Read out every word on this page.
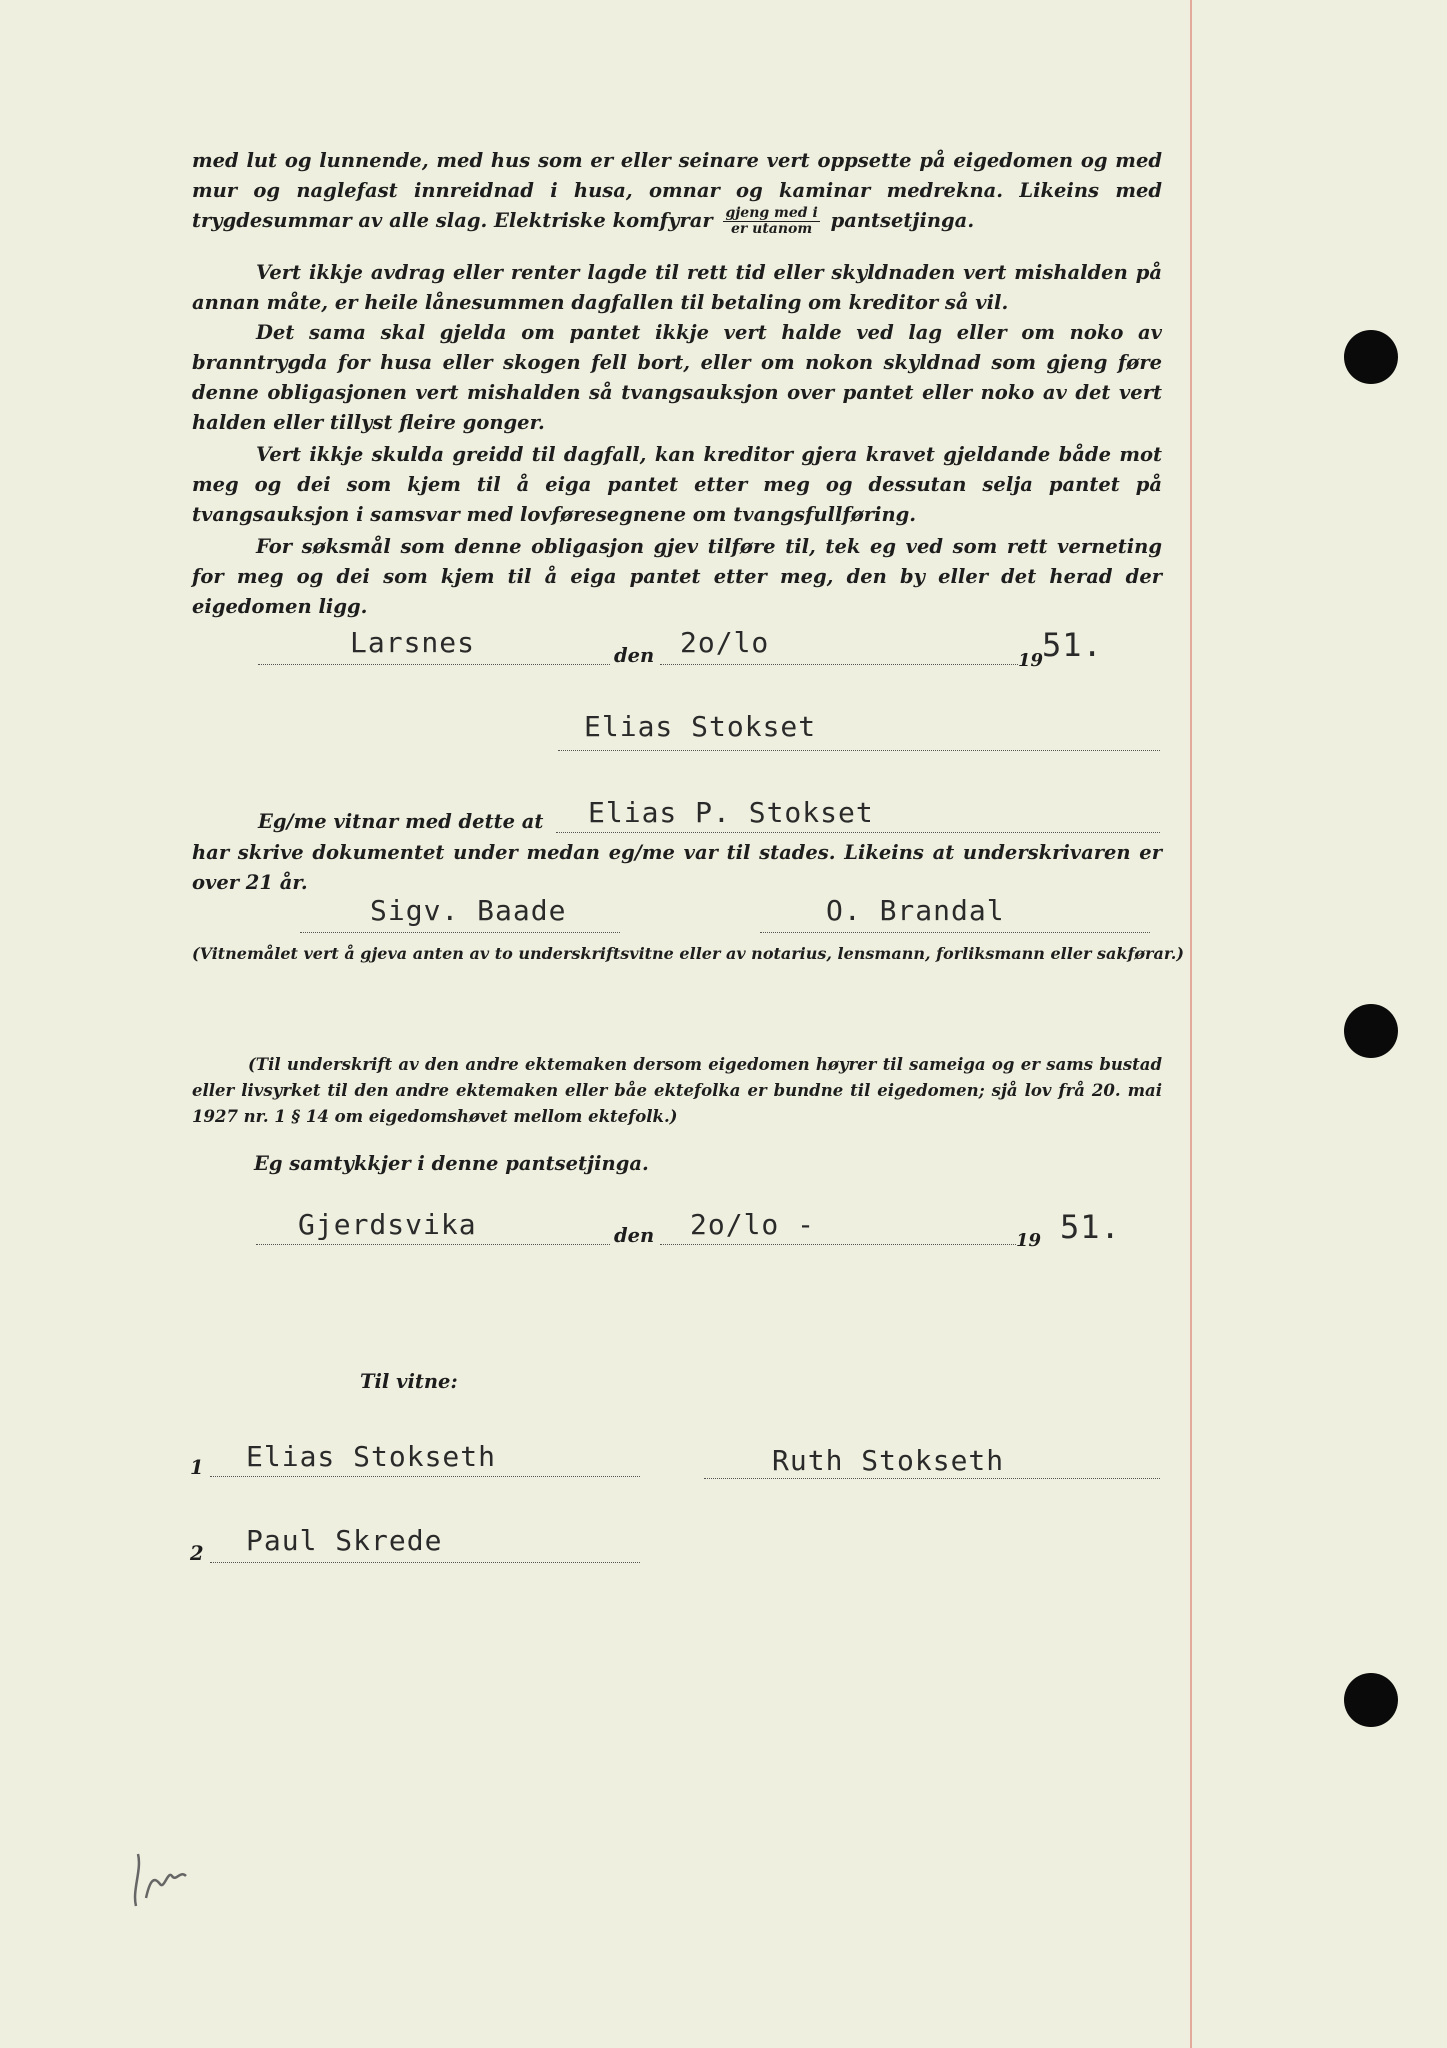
med lut og lunnende, med hus som er eller seinare vert oppsette på eigedomen og med mur og naglefast innreidnad i husa, omnar og kaminar medrekna. Likeins med trygdesummar av alle slag. Elektriske komfyrar $\frac{\text{gjeng med i}}{\text{er utanom}}$ pantsetjinga.
Vert ikkje avdrag eller renter lagde til rett tid eller skyldnaden vert mishalden på annan måte, er heile lånesummen dagfallen til betaling om kreditor så vil.
Det sama skal gjelda om pantet ikkje vert halde ved lag eller om noko av branntrygda for husa eller skogen fell bort, eller om nokon skyldnad som gjeng føre denne obligasjonen vert mishalden så tvangsauksjon over pantet eller noko av det vert halden eller tillyst fleire gonger.
Vert ikkje skulda greidd til dagfall, kan kreditor gjera kravet gjeldande både mot meg og dei som kjem til å eiga pantet etter meg og dessutan selja pantet på tvangsauksjon i samsvar med lovføresegnene om tvangsfullføring.
For søksmål som denne obligasjon gjev tilføre til, tek eg ved som rett verneting for meg og dei som kjem til å eiga pantet etter meg, den by eller det herad der eigedomen ligg.
Larsnes	den 2o/lo
19
51.
Elias Stokset
Eg/me vitnar med dette at Elias P. Stokset
har skrive dokumentet under medan eg/me var til stades. Likeins at underskrivaren er over 21 år.
Sigv. Baade	O. Brandal
(Vitnemålet vert å gjeva anten av to underskriftsvitne eller av notarius, lensmann, forliksmann eller sakførar.)
(Til underskrift av den andre ektemaken dersom eigedomen høyrer til sameiga og er sams bustad eller livsyrket til den andre ektemaken eller båe ektefolka er bundne til eigedomen; sjå lov frå 20. mai 1927 nr. 1 § 14 om eigedomshøvet mellom ektefolk.)
Eg samtykkjer i denne pantsetjinga.
Gjerdsvika	den 2o/lo -	19 51.
Til vitne:
1 Elias Stokseth	Ruth Stokseth
2 Paul Skrede
